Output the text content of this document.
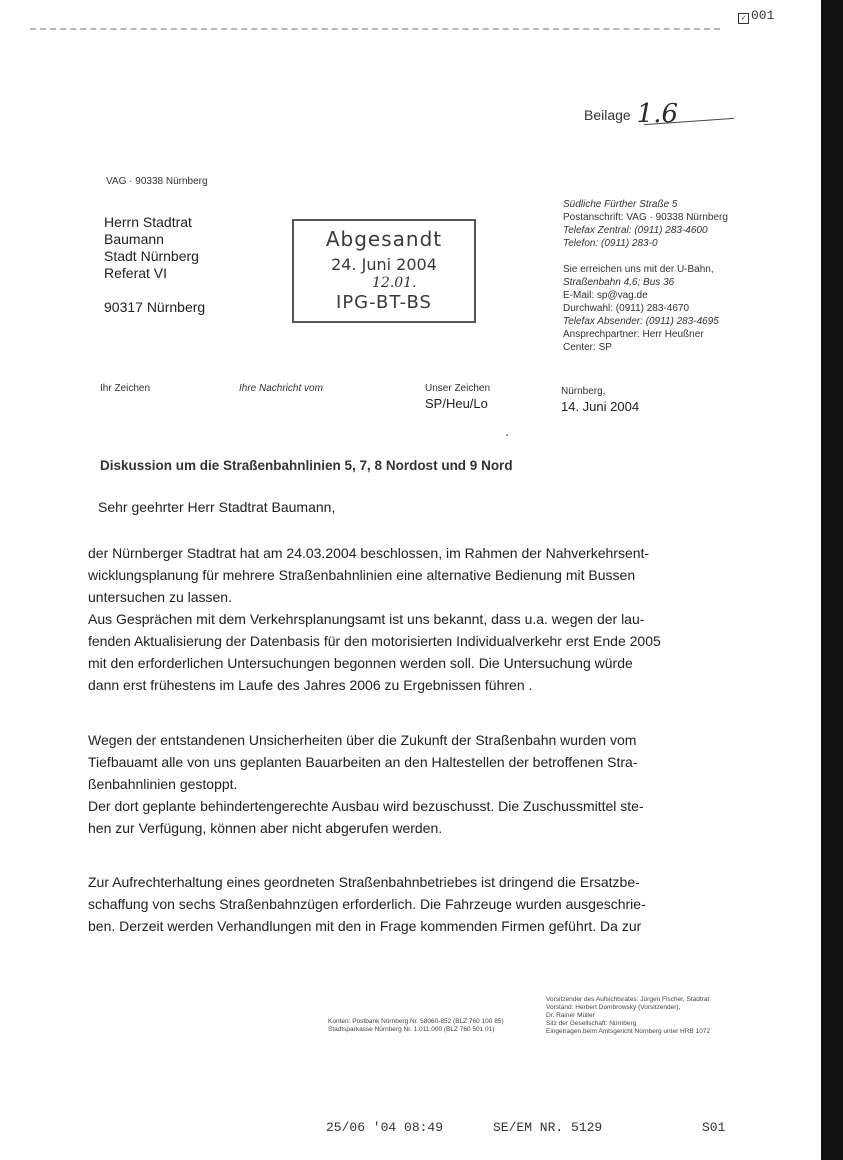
✓ 001
Beilage 1.6
VAG · 90338 Nürnberg
Herrn Stadtrat
Baumann
Stadt Nürnberg
Referat VI
90317 Nürnberg
Abgesandt
24. Juni 2004
12.01.
IPG-BT-BS
Südliche Fürther Straße 5
Postanschrift: VAG · 90338 Nürnberg
Telefax Zentral: (0911) 283-4600
Telefon: (0911) 283-0
Sie erreichen uns mit der U-Bahn,
Straßenbahn 4,6; Bus 36
E-Mail: sp@vag.de
Durchwahl: (0911) 283-4670
Telefax Absender: (0911) 283-4695
Ansprechpartner: Herr Heußner
Center: SP
Ihr Zeichen	Ihre Nachricht vom	Unser Zeichen
SP/Heu/Lo
Nürnberg,
14. Juni 2004
Diskussion um die Straßenbahnlinien 5, 7, 8 Nordost und 9 Nord
Sehr geehrter Herr Stadtrat Baumann,
der Nürnberger Stadtrat hat am 24.03.2004 beschlossen, im Rahmen der Nahverkehrsent-
wicklungsplanung für mehrere Straßenbahnlinien eine alternative Bedienung mit Bussen
untersuchen zu lassen.
Aus Gesprächen mit dem Verkehrsplanungsamt ist uns bekannt, dass u.a. wegen der lau-
fenden Aktualisierung der Datenbasis für den motorisierten Individualverkehr erst Ende 2005
mit den erforderlichen Untersuchungen begonnen werden soll. Die Untersuchung würde
dann erst frühestens im Laufe des Jahres 2006 zu Ergebnissen führen .
Wegen der entstandenen Unsicherheiten über die Zukunft der Straßenbahn wurden vom
Tiefbauamt alle von uns geplanten Bauarbeiten an den Haltestellen der betroffenen Stra-
ßenbahnlinien gestoppt.
Der dort geplante behindertengerechte Ausbau wird bezuschusst. Die Zuschussmittel ste-
hen zur Verfügung, können aber nicht abgerufen werden.
Zur Aufrechterhaltung eines geordneten Straßenbahnbetriebes ist dringend die Ersatzbe-
schaffung von sechs Straßenbahnzügen erforderlich. Die Fahrzeuge wurden ausgeschrie-
ben. Derzeit werden Verhandlungen mit den in Frage kommenden Firmen geführt. Da zur
Konten: Postbank Nürnberg Nr. 58060-852 (BLZ 760 100 85)
Stadtsparkasse Nürnberg Nr. 1.011.000 (BLZ 760 501 01)
Vorsitzender des Aufsichtsrates: Jürgen Fischer, Stadtrat
Vorstand: Herbert Dombrowsky (Vorsitzender),
Dr. Rainer Müller
Sitz der Gesellschaft: Nürnberg
Eingetragen beim Amtsgericht Nürnberg unter HRB 1072
25/06 '04 08:49	SE/EM NR. 5129	S01
